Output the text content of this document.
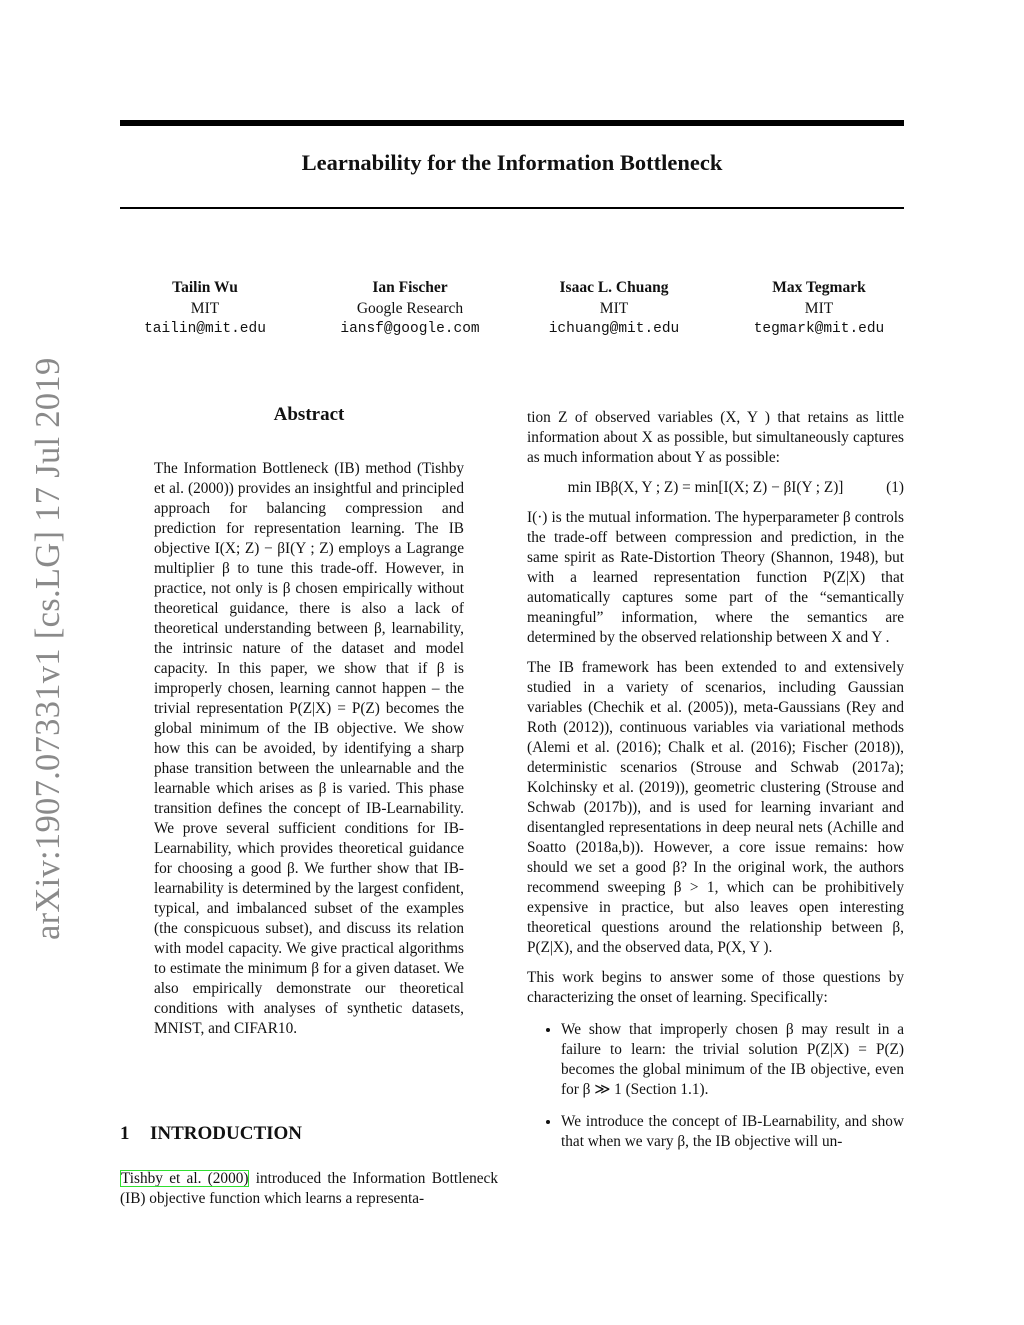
Learnability for the Information Bottleneck
Tailin Wu
MIT
tailin@mit.edu
Ian Fischer
Google Research
iansf@google.com
Isaac L. Chuang
MIT
ichuang@mit.edu
Max Tegmark
MIT
tegmark@mit.edu
arXiv:1907.07331v1 [cs.LG] 17 Jul 2019	Abstract
The Information Bottleneck (IB) method (Tishby et al. (2000)) provides an insightful and principled approach for balancing compression and prediction for representation learning. The IB objective I(X; Z) − βI(Y ; Z) employs a Lagrange multiplier β to tune this trade-off. However, in practice, not only is β chosen empirically without theoretical guidance, there is also a lack of theoretical understanding between β, learnability, the intrinsic nature of the dataset and model capacity. In this paper, we show that if β is improperly chosen, learning cannot happen – the trivial representation P(Z|X) = P(Z) becomes the global minimum of the IB objective. We show how this can be avoided, by identifying a sharp phase transition between the unlearnable and the learnable which arises as β is varied. This phase transition defines the concept of IB-Learnability. We prove several sufficient conditions for IB-Learnability, which provides theoretical guidance for choosing a good β. We further show that IB-learnability is determined by the largest confident, typical, and imbalanced subset of the examples (the conspicuous subset), and discuss its relation with model capacity. We give practical algorithms to estimate the minimum β for a given dataset. We also empirically demonstrate our theoretical conditions with analyses of synthetic datasets, MNIST, and CIFAR10.
1 INTRODUCTION
Tishby et al. (2000) introduced the Information Bottleneck (IB) objective function which learns a representa-

tion Z of observed variables (X, Y ) that retains as little information about X as possible, but simultaneously captures as much information about Y as possible:

min IBβ(X, Y ; Z) = min[I(X; Z) − βI(Y ; Z)]	(1)

I(·) is the mutual information. The hyperparameter β controls the trade-off between compression and prediction, in the same spirit as Rate-Distortion Theory (Shannon, 1948), but with a learned representation function P(Z|X) that automatically captures some part of the “semantically meaningful” information, where the semantics are determined by the observed relationship between X and Y .

The IB framework has been extended to and extensively studied in a variety of scenarios, including Gaussian variables (Chechik et al. (2005)), meta-Gaussians (Rey and Roth (2012)), continuous variables via variational methods (Alemi et al. (2016); Chalk et al. (2016); Fischer (2018)), deterministic scenarios (Strouse and Schwab (2017a); Kolchinsky et al. (2019)), geometric clustering (Strouse and Schwab (2017b)), and is used for learning invariant and disentangled representations in deep neural nets (Achille and Soatto (2018a,b)). However, a core issue remains: how should we set a good β? In the original work, the authors recommend sweeping β > 1, which can be prohibitively expensive in practice, but also leaves open interesting theoretical questions around the relationship between β, P(Z|X), and the observed data, P(X, Y ).

This work begins to answer some of those questions by characterizing the onset of learning. Specifically:

• We show that improperly chosen β may result in a failure to learn: the trivial solution P(Z|X) = P(Z) becomes the global minimum of the IB objective, even for β ≫ 1 (Section 1.1).
• We introduce the concept of IB-Learnability, and show that when we vary β, the IB objective will un-
